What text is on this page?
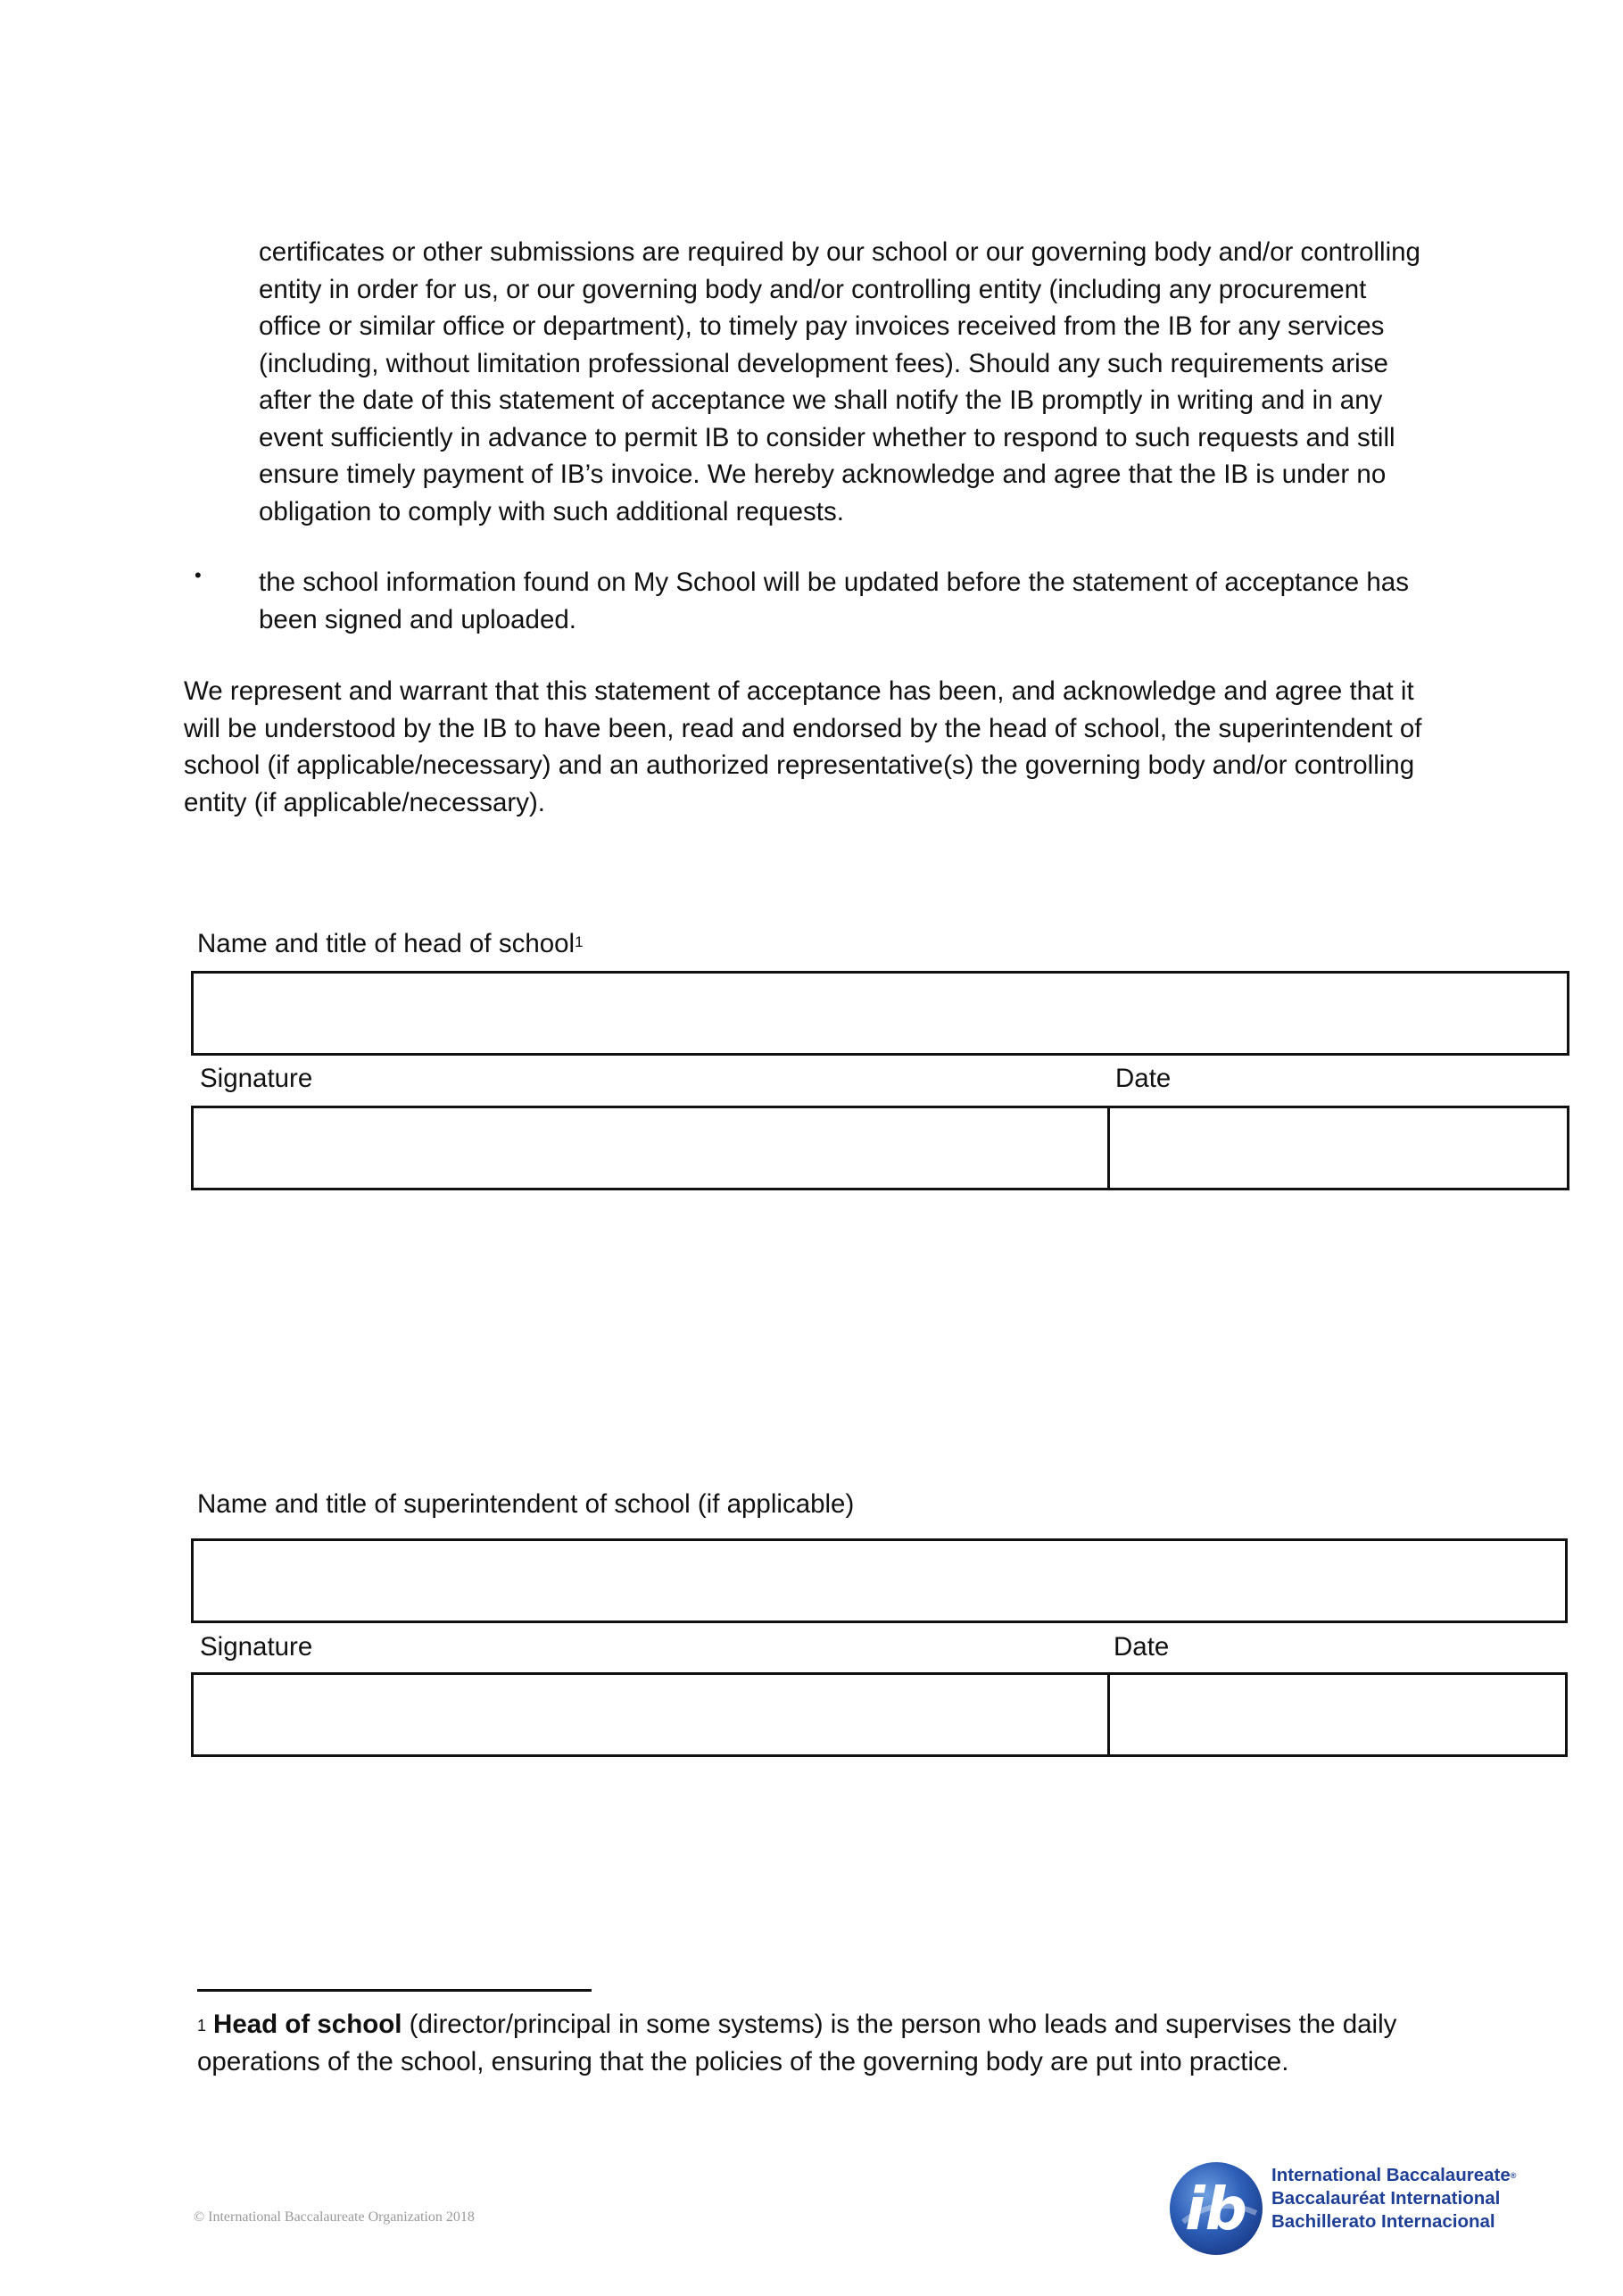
certificates or other submissions are required by our school or our governing body and/or controlling
entity in order for us, or our governing body and/or controlling entity (including any procurement
office or similar office or department), to timely pay invoices received from the IB for any services
(including, without limitation professional development fees). Should any such requirements arise
after the date of this statement of acceptance we shall notify the IB promptly in writing and in any
event sufficiently in advance to permit IB to consider whether to respond to such requests and still
ensure timely payment of IB’s invoice. We hereby acknowledge and agree that the IB is under no
obligation to comply with such additional requests.

• the school information found on My School will be updated before the statement of acceptance has
been signed and uploaded.

We represent and warrant that this statement of acceptance has been, and acknowledge and agree that it
will be understood by the IB to have been, read and endorsed by the head of school, the superintendent of
school (if applicable/necessary) and an authorized representative(s) the governing body and/or controlling
entity (if applicable/necessary).

Name and title of head of school$^1$
Signature	Date
Name and title of superintendent of school (if applicable)
Signature	Date

$^1$ Head of school (director/principal in some systems) is the person who leads and supervises the daily
operations of the school, ensuring that the policies of the governing body are put into practice.

© International Baccalaureate Organization 2018	ib International Baccalaureate®
Baccalauréat International
Bachillerato Internacional
